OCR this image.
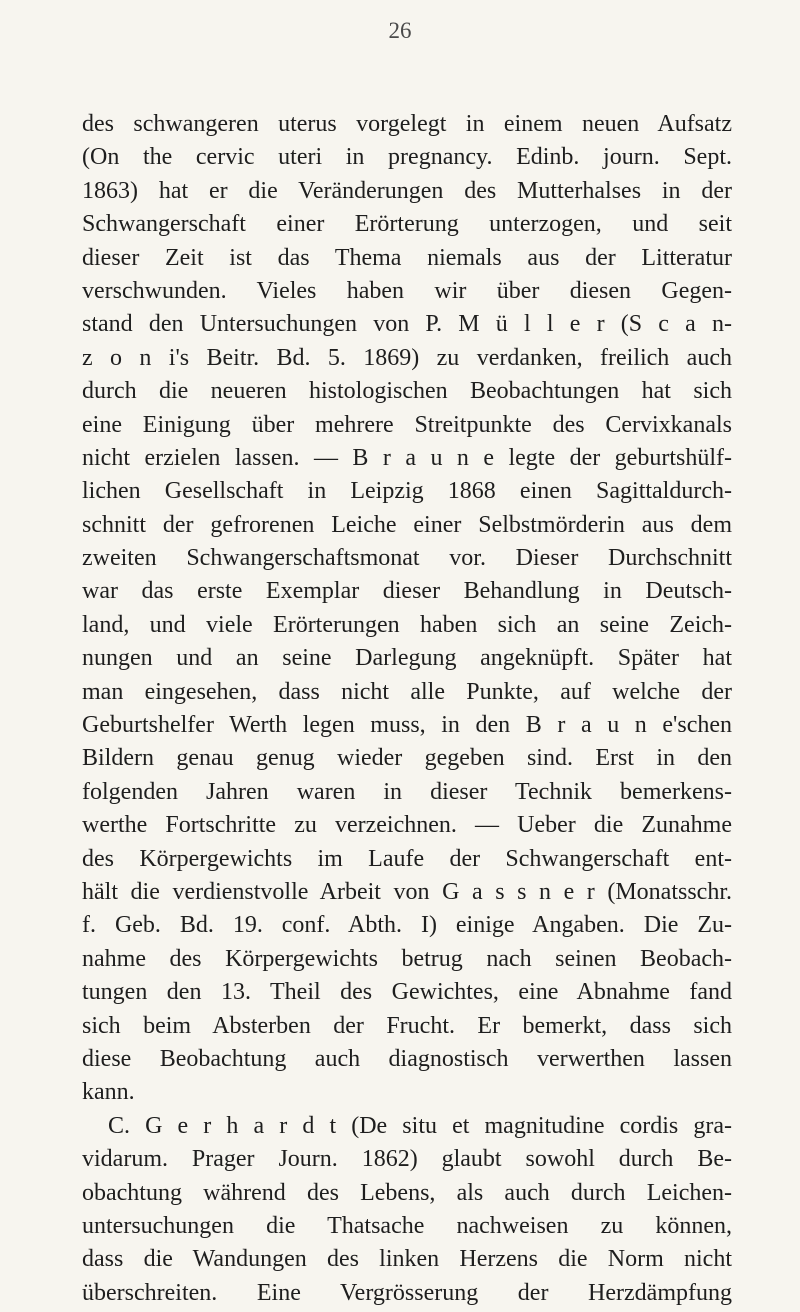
26
des schwangeren uterus vorgelegt in einem neuen Aufsatz
(On the cervic uteri in pregnancy. Edinb. journ. Sept.
1863) hat er die Veränderungen des Mutterhalses in der
Schwangerschaft einer Erörterung unterzogen, und seit
dieser Zeit ist das Thema niemals aus der Litteratur
verschwunden. Vieles haben wir über diesen Gegen-
stand den Untersuchungen von P. M ü l l e r (S c a n-
z o n i's Beitr. Bd. 5. 1869) zu verdanken, freilich auch
durch die neueren histologischen Beobachtungen hat sich
eine Einigung über mehrere Streitpunkte des Cervixkanals
nicht erzielen lassen. — B r a u n e legte der geburtshülf-
lichen Gesellschaft in Leipzig 1868 einen Sagittaldurch-
schnitt der gefrorenen Leiche einer Selbstmörderin aus dem
zweiten Schwangerschaftsmonat vor. Dieser Durchschnitt
war das erste Exemplar dieser Behandlung in Deutsch-
land, und viele Erörterungen haben sich an seine Zeich-
nungen und an seine Darlegung angeknüpft. Später hat
man eingesehen, dass nicht alle Punkte, auf welche der
Geburtshelfer Werth legen muss, in den B r a u n e'schen
Bildern genau genug wieder gegeben sind. Erst in den
folgenden Jahren waren in dieser Technik bemerkens-
werthe Fortschritte zu verzeichnen. — Ueber die Zunahme
des Körpergewichts im Laufe der Schwangerschaft ent-
hält die verdienstvolle Arbeit von G a s s n e r (Monatsschr.
f. Geb. Bd. 19. conf. Abth. I) einige Angaben. Die Zu-
nahme des Körpergewichts betrug nach seinen Beobach-
tungen den 13. Theil des Gewichtes, eine Abnahme fand
sich beim Absterben der Frucht. Er bemerkt, dass sich
diese Beobachtung auch diagnostisch verwerthen lassen
kann.
C. G e r h a r d t (De situ et magnitudine cordis gra-
vidarum. Prager Journ. 1862) glaubt sowohl durch Be-
obachtung während des Lebens, als auch durch Leichen-
untersuchungen die Thatsache nachweisen zu können,
dass die Wandungen des linken Herzens die Norm nicht
überschreiten. Eine Vergrösserung der Herzdämpfung
